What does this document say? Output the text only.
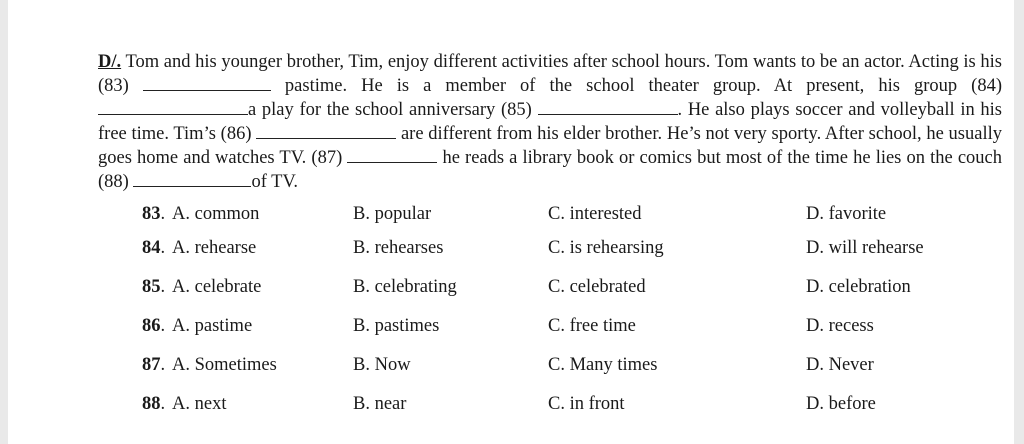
D/. Tom and his younger brother, Tim, enjoy different activities after school hours. Tom wants to be an actor. Acting is his (83)	pastime. He is a member of the school theater group. At present, his group (84) a play for the school anniversary (85)	. He also plays soccer and volleyball in his free time. Tim’s (86)	are different from his elder brother. He’s not very sporty. After school, he usually goes home and watches TV. (87)	he reads a library book or comics but most of the time he lies on the couch (88)	of TV.
83. A. common	B. popular	C. interested	D. favorite
84. A. rehearse	B. rehearses	C. is rehearsing	D. will rehearse
85. A. celebrate	B. celebrating	C. celebrated	D. celebration
86. A. pastime	B. pastimes	C. free time	D. recess
87. A. Sometimes	B. Now	C. Many times	D. Never
88. A. next	B. near	C. in front	D. before
